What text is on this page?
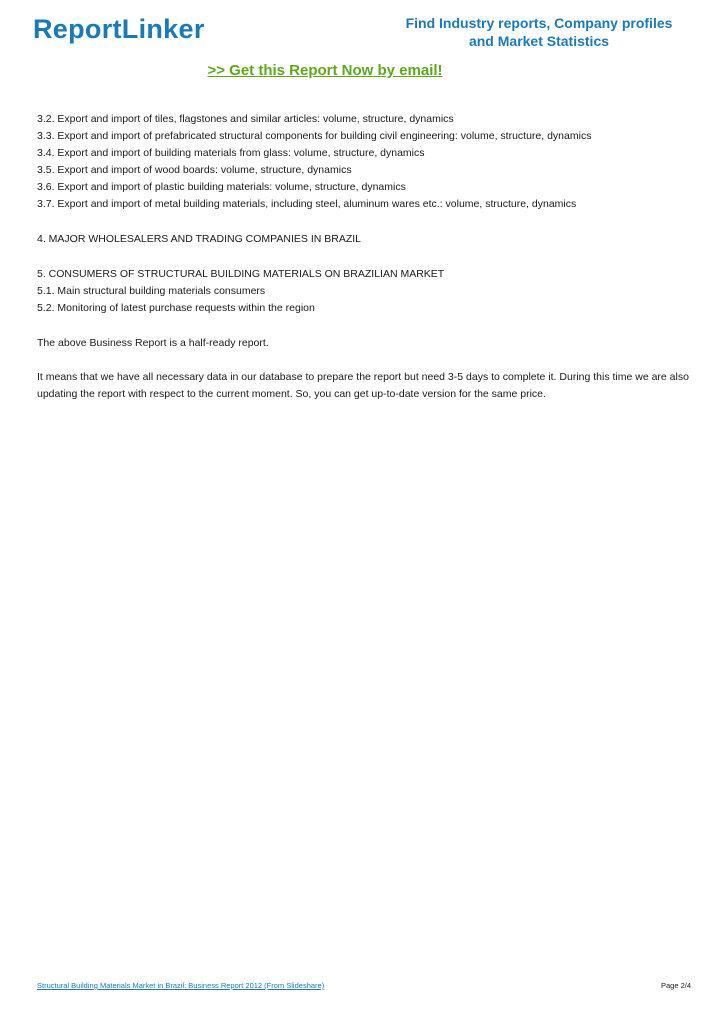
ReportLinker	Find Industry reports, Company profiles
and Market Statistics
>> Get this Report Now by email!
3.2. Export and import of tiles, flagstones and similar articles: volume, structure, dynamics
3.3. Export and import of prefabricated structural components for building civil engineering: volume, structure, dynamics
3.4. Export and import of building materials from glass: volume, structure, dynamics
3.5. Export and import of wood boards: volume, structure, dynamics
3.6. Export and import of plastic building materials: volume, structure, dynamics
3.7. Export and import of metal building materials, including steel, aluminum wares etc.: volume, structure, dynamics
4. MAJOR WHOLESALERS AND TRADING COMPANIES IN BRAZIL
5. CONSUMERS OF STRUCTURAL BUILDING MATERIALS ON BRAZILIAN MARKET
5.1. Main structural building materials consumers
5.2. Monitoring of latest purchase requests within the region

The above Business Report is a half-ready report.

It means that we have all necessary data in our database to prepare the report but need 3-5 days to complete it. During this time we are also updating the report with respect to the current moment. So, you can get up-to-date version for the same price.

Structural Building Materials Market in Brazil: Business Report 2012 (From Slideshare)	Page 2/4
